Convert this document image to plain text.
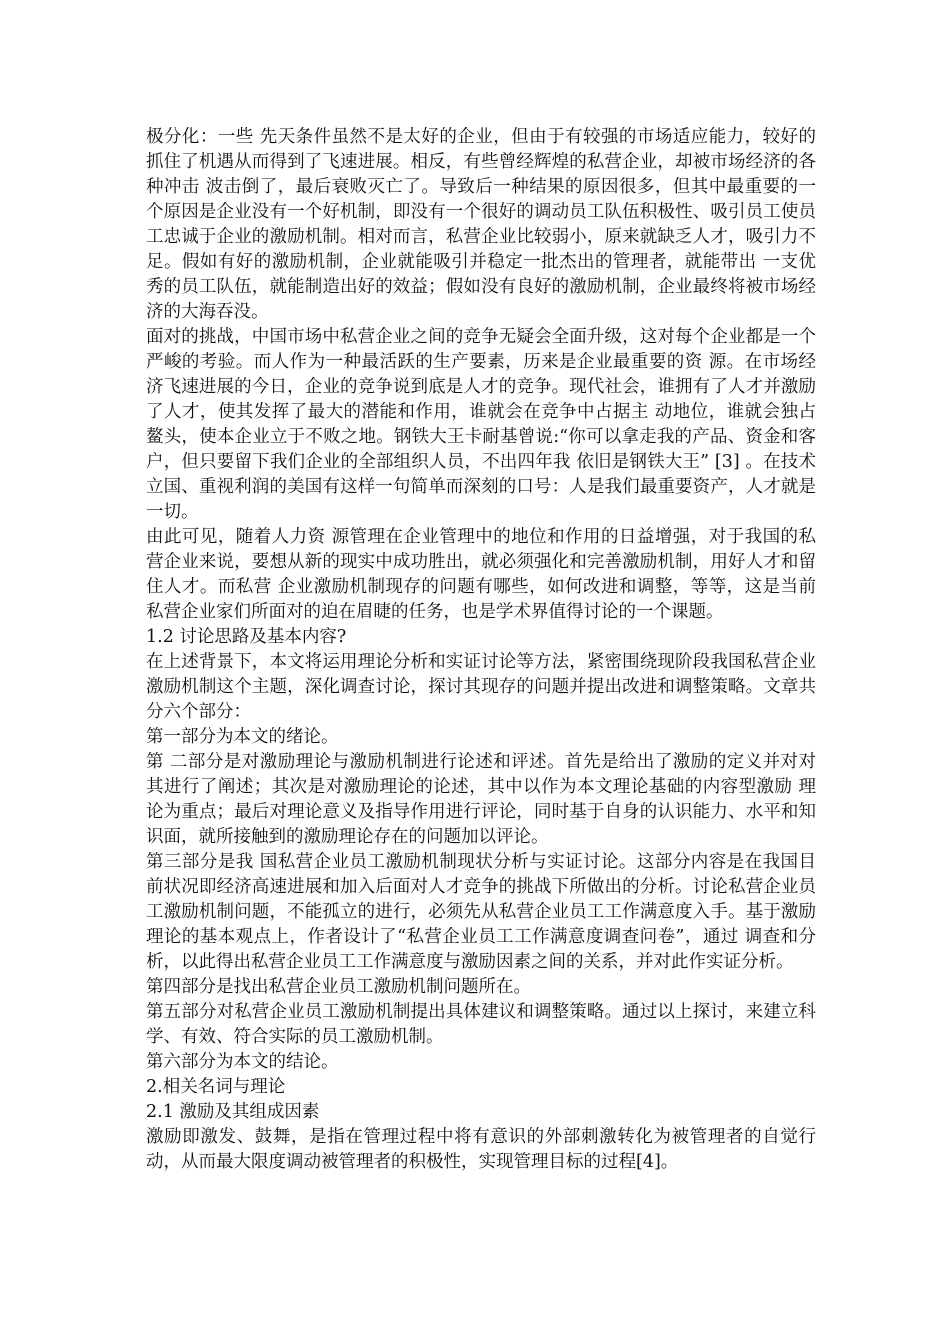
极分化：一些 先天条件虽然不是太好的企业，但由于有较强的市场适应能力，较好的抓住了机遇从而得到了飞速进展。相反，有些曾经辉煌的私营企业，却被市场经济的各种冲击 波击倒了，最后衰败灭亡了。导致后一种结果的原因很多，但其中最重要的一个原因是企业没有一个好机制，即没有一个很好的调动员工队伍积极性、吸引员工使员 工忠诚于企业的激励机制。相对而言，私营企业比较弱小，原来就缺乏人才，吸引力不足。假如有好的激励机制，企业就能吸引并稳定一批杰出的管理者，就能带出 一支优秀的员工队伍，就能制造出好的效益；假如没有良好的激励机制，企业最终将被市场经济的大海吞没。

面对的挑战，中国市场中私营企业之间的竞争无疑会全面升级，这对每个企业都是一个严峻的考验。而人作为一种最活跃的生产要素，历来是企业最重要的资 源。在市场经济飞速进展的今日，企业的竞争说到底是人才的竞争。现代社会，谁拥有了人才并激励了人才，使其发挥了最大的潜能和作用，谁就会在竞争中占据主 动地位，谁就会独占鳌头，使本企业立于不败之地。钢铁大王卡耐基曾说:“你可以拿走我的产品、资金和客户，但只要留下我们企业的全部组织人员，不出四年我 依旧是钢铁大王” [3] 。在技术立国、重视利润的美国有这样一句简单而深刻的口号：人是我们最重要资产，人才就是一切。

由此可见，随着人力资 源管理在企业管理中的地位和作用的日益增强，对于我国的私营企业来说，要想从新的现实中成功胜出，就必须强化和完善激励机制，用好人才和留住人才。而私营 企业激励机制现存的问题有哪些，如何改进和调整，等等，这是当前私营企业家们所面对的迫在眉睫的任务，也是学术界值得讨论的一个课题。

1.2 讨论思路及基本内容?

在上述背景下，本文将运用理论分析和实证讨论等方法，紧密围绕现阶段我国私营企业激励机制这个主题，深化调查讨论，探讨其现存的问题并提出改进和调整策略。文章共分六个部分：

第一部分为本文的绪论。

第 二部分是对激励理论与激励机制进行论述和评述。首先是给出了激励的定义并对对其进行了阐述；其次是对激励理论的论述，其中以作为本文理论基础的内容型激励 理论为重点；最后对理论意义及指导作用进行评论，同时基于自身的认识能力、水平和知识面，就所接触到的激励理论存在的问题加以评论。

第三部分是我 国私营企业员工激励机制现状分析与实证讨论。这部分内容是在我国目前状况即经济高速进展和加入后面对人才竞争的挑战下所做出的分析。讨论私营企业员 工激励机制问题，不能孤立的进行，必须先从私营企业员工工作满意度入手。基于激励理论的基本观点上，作者设计了“私营企业员工工作满意度调查问卷”，通过 调查和分析，以此得出私营企业员工工作满意度与激励因素之间的关系，并对此作实证分析。

第四部分是找出私营企业员工激励机制问题所在。

第五部分对私营企业员工激励机制提出具体建议和调整策略。通过以上探讨，来建立科学、有效、符合实际的员工激励机制。

第六部分为本文的结论。

2.相关名词与理论

2.1 激励及其组成因素

激励即激发、鼓舞，是指在管理过程中将有意识的外部刺激转化为被管理者的自觉行动，从而最大限度调动被管理者的积极性，实现管理目标的过程[4]。
